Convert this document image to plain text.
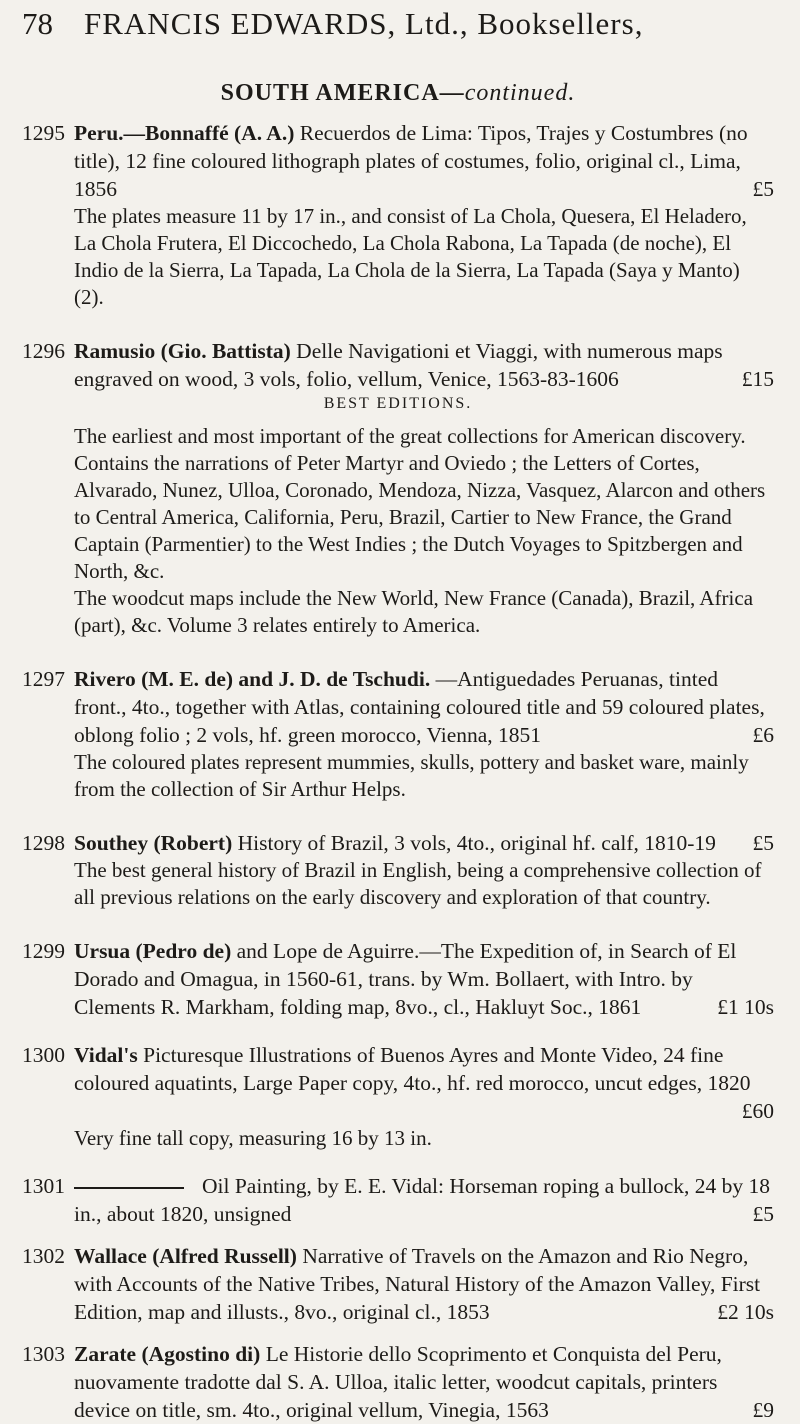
78	FRANCIS EDWARDS, Ltd., Booksellers,
SOUTH AMERICA—continued.
1295 Peru.—Bonnaffé (A. A.) Recuerdos de Lima: Tipos, Trajes y Costumbres (no title), 12 fine coloured lithograph plates of costumes, folio, original cl., Lima, 1856	£5
The plates measure 11 by 17 in., and consist of La Chola, Quesera, El Heladero, La Chola Frutera, El Diccochedo, La Chola Rabona, La Tapada (de noche), El Indio de la Sierra, La Tapada, La Chola de la Sierra, La Tapada (Saya y Manto) (2).
1296 Ramusio (Gio. Battista) Delle Navigationi et Viaggi, with numerous maps engraved on wood, 3 vols, folio, vellum, Venice, 1563-83-1606	£15
BEST EDITIONS.
The earliest and most important of the great collections for American discovery. Contains the narrations of Peter Martyr and Oviedo ; the Letters of Cortes, Alvarado, Nunez, Ulloa, Coronado, Mendoza, Nizza, Vasquez, Alarcon and others to Central America, California, Peru, Brazil, Cartier to New France, the Grand Captain (Parmentier) to the West Indies ; the Dutch Voyages to Spitzbergen and North, &c.
The woodcut maps include the New World, New France (Canada), Brazil, Africa (part), &c. Volume 3 relates entirely to America.
1297 Rivero (M. E. de) and J. D. de Tschudi. —Antiguedades Peruanas, tinted front., 4to., together with Atlas, containing coloured title and 59 coloured plates, oblong folio ; 2 vols, hf. green morocco, Vienna, 1851	£6
The coloured plates represent mummies, skulls, pottery and basket ware, mainly from the collection of Sir Arthur Helps.
1298 Southey (Robert) History of Brazil, 3 vols, 4to., original hf. calf, 1810-19 £5
The best general history of Brazil in English, being a comprehensive collection of all previous relations on the early discovery and exploration of that country.
1299 Ursua (Pedro de) and Lope de Aguirre.—The Expedition of, in Search of El Dorado and Omagua, in 1560-61, trans. by Wm. Bollaert, with Intro. by Clements R. Markham, folding map, 8vo., cl., Hakluyt Soc., 1861	£1 10s
1300 Vidal's Picturesque Illustrations of Buenos Ayres and Monte Video, 24 fine coloured aquatints, Large Paper copy, 4to., hf. red morocco, uncut edges, 1820
£60
Very fine tall copy, measuring 16 by 13 in.
1301	Oil Painting, by E. E. Vidal: Horseman roping a bullock, 24 by 18 in., about 1820, unsigned	£5
1302 Wallace (Alfred Russell) Narrative of Travels on the Amazon and Rio Negro, with Accounts of the Native Tribes, Natural History of the Amazon Valley, First Edition, map and illusts., 8vo., original cl., 1853	£2 10s
1303 Zarate (Agostino di) Le Historie dello Scoprimento et Conquista del Peru, nuovamente tradotte dal S. A. Ulloa, italic letter, woodcut capitals, printers device on title, sm. 4to., original vellum, Vinegia, 1563	£9
